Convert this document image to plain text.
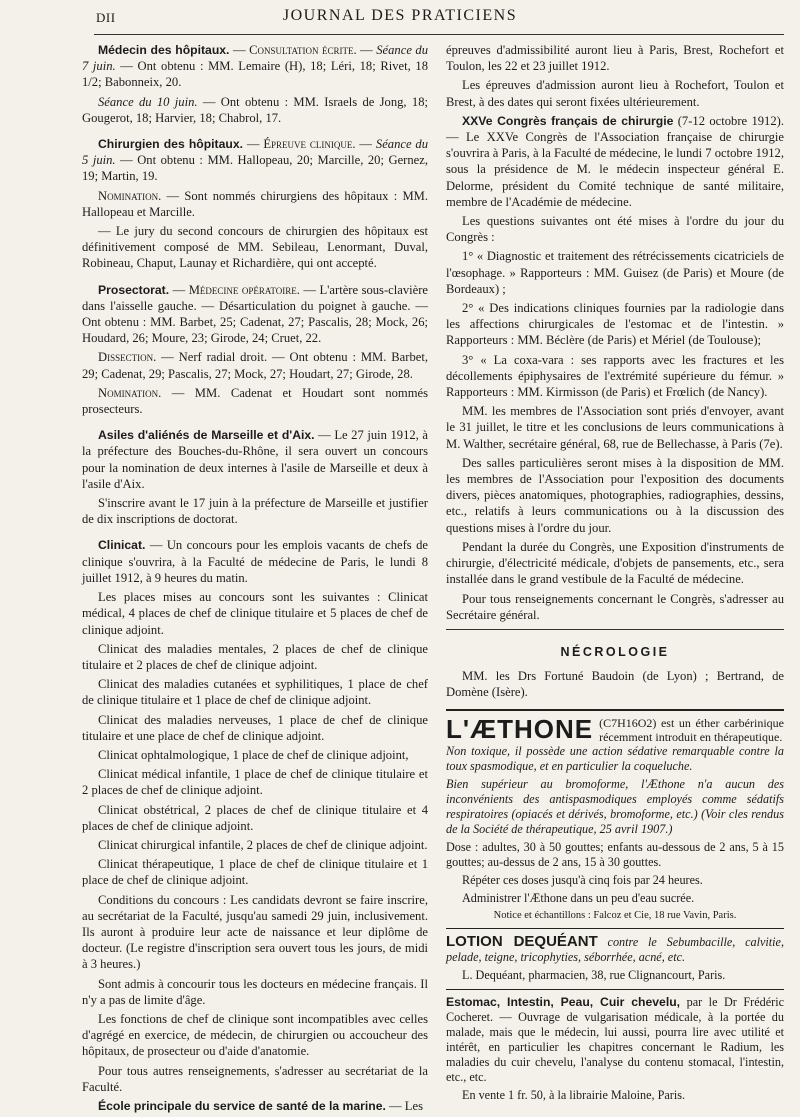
DII	JOURNAL DES PRATICIENS

Médecin des hôpitaux. — Consultation écrite. — Séance du 7 juin. — Ont obtenu : MM. Lemaire (H), 18; Léri, 18; Rivet, 18 1/2; Babonneix, 20.

Séance du 10 juin. — Ont obtenu : MM. Israels de Jong, 18; Gougerot, 18; Harvier, 18; Chabrol, 17.

Chirurgien des hôpitaux. — Épreuve clinique. — Séance du 5 juin. — Ont obtenu : MM. Hallopeau, 20; Marcille, 20; Gernez, 19; Martin, 19.

Nomination. — Sont nommés chirurgiens des hôpitaux : MM. Hallopeau et Marcille.

— Le jury du second concours de chirurgien des hôpitaux est définitivement composé de MM. Sebileau, Lenormant, Duval, Robineau, Chaput, Launay et Richardière, qui ont accepté.

Prosectorat. — Médecine opératoire. — L'artère sous-clavière dans l'aisselle gauche. — Désarticulation du poignet à gauche. — Ont obtenu : MM. Barbet, 25; Cadenat, 27; Pascalis, 28; Mock, 26; Houdard, 26; Moure, 23; Girode, 24; Cruet, 22.

Dissection. — Nerf radial droit. — Ont obtenu : MM. Barbet, 29; Cadenat, 29; Pascalis, 27; Mock, 27; Houdart, 27; Girode, 28.

Nomination. — MM. Cadenat et Houdart sont nommés prosecteurs.

Asiles d'aliénés de Marseille et d'Aix. — Le 27 juin 1912, à la préfecture des Bouches-du-Rhône, il sera ouvert un concours pour la nomination de deux internes à l'asile de Marseille et deux à l'asile d'Aix.

S'inscrire avant le 17 juin à la préfecture de Marseille et justifier de dix inscriptions de doctorat.

Clinicat. — Un concours pour les emplois vacants de chefs de clinique s'ouvrira, à la Faculté de médecine de Paris, le lundi 8 juillet 1912, à 9 heures du matin.

Les places mises au concours sont les suivantes : Clinicat médical, 4 places de chef de clinique titulaire et 5 places de chef de clinique adjoint.

Clinicat des maladies mentales, 2 places de chef de clinique titulaire et 2 places de chef de clinique adjoint.

Clinicat des maladies cutanées et syphilitiques, 1 place de chef de clinique titulaire et 1 place de chef de clinique adjoint.

Clinicat des maladies nerveuses, 1 place de chef de clinique titulaire et une place de chef de clinique adjoint.

Clinicat ophtalmologique, 1 place de chef de clinique adjoint,

Clinicat médical infantile, 1 place de chef de clinique titulaire et 2 places de chef de clinique adjoint.

Clinicat obstétrical, 2 places de chef de clinique titulaire et 4 places de chef de clinique adjoint.

Clinicat chirurgical infantile, 2 places de chef de clinique adjoint.

Clinicat thérapeutique, 1 place de chef de clinique titulaire et 1 place de chef de clinique adjoint.

Conditions du concours : Les candidats devront se faire inscrire, au secrétariat de la Faculté, jusqu'au samedi 29 juin, inclusivement. Ils auront à produire leur acte de naissance et leur diplôme de docteur. (Le registre d'inscription sera ouvert tous les jours, de midi à 3 heures.)

Sont admis à concourir tous les docteurs en médecine français. Il n'y a pas de limite d'âge.

Les fonctions de chef de clinique sont incompatibles avec celles d'agrégé en exercice, de médecin, de chirurgien ou accoucheur des hôpitaux, de prosecteur ou d'aide d'anatomie.

Pour tous autres renseignements, s'adresser au secrétariat de la Faculté.

École principale du service de santé de la marine. — Les

épreuves d'admissibilité auront lieu à Paris, Brest, Rochefort et Toulon, les 22 et 23 juillet 1912.

Les épreuves d'admission auront lieu à Rochefort, Toulon et Brest, à des dates qui seront fixées ultérieurement.

XXVe Congrès français de chirurgie (7-12 octobre 1912). — Le XXVe Congrès de l'Association française de chirurgie s'ouvrira à Paris, à la Faculté de médecine, le lundi 7 octobre 1912, sous la présidence de M. le médecin inspecteur général E. Delorme, président du Comité technique de santé militaire, membre de l'Académie de médecine.

Les questions suivantes ont été mises à l'ordre du jour du Congrès :

1° « Diagnostic et traitement des rétrécissements cicatriciels de l'œsophage. » Rapporteurs : MM. Guisez (de Paris) et Moure (de Bordeaux) ;

2° « Des indications cliniques fournies par la radiologie dans les affections chirurgicales de l'estomac et de l'intestin. » Rapporteurs : MM. Béclère (de Paris) et Mériel (de Toulouse);

3° « La coxa-vara : ses rapports avec les fractures et les décollements épiphysaires de l'extrémité supérieure du fémur. » Rapporteurs : MM. Kirmisson (de Paris) et Frœlich (de Nancy).

MM. les membres de l'Association sont priés d'envoyer, avant le 31 juillet, le titre et les conclusions de leurs communications à M. Walther, secrétaire général, 68, rue de Bellechasse, à Paris (7e).

Des salles particulières seront mises à la disposition de MM. les membres de l'Association pour l'exposition des documents divers, pièces anatomiques, photographies, radiographies, dessins, etc., relatifs à leurs communications ou à la discussion des questions mises à l'ordre du jour.

Pendant la durée du Congrès, une Exposition d'instruments de chirurgie, d'électricité médicale, d'objets de pansements, etc., sera installée dans le grand vestibule de la Faculté de médecine.

Pour tous renseignements concernant le Congrès, s'adresser au Secrétaire général.

NÉCROLOGIE

MM. les Drs Fortuné Baudoin (de Lyon) ; Bertrand, de Domène (Isère).

L'ÆTHONE (C7H16O2) est un éther carbérinique récemment introduit en thérapeutique.

Non toxique, il possède une action sédative remarquable contre la toux spasmodique, et en particulier la coqueluche.

Bien supérieur au bromoforme, l'Æthone n'a aucun des inconvénients des antispasmodiques employés comme sédatifs respiratoires (opiacés et dérivés, bromoforme, etc.) (Voir cles rendus de la Société de thérapeutique, 25 avril 1907.)

Dose : adultes, 30 à 50 gouttes; enfants au-dessous de 2 ans, 5 à 15 gouttes; au-dessus de 2 ans, 15 à 30 gouttes.

Répéter ces doses jusqu'à cinq fois par 24 heures.

Administrer l'Æthone dans un peu d'eau sucrée.

Notice et échantillons : Falcoz et Cie, 18 rue Vavin, Paris.

LOTION DEQUÉANT contre le Sebumbacille, calvitie, pelade, teigne, tricophyties, séborrhée, acné, etc.

L. Dequéant, pharmacien, 38, rue Clignancourt, Paris.

Estomac, Intestin, Peau, Cuir chevelu, par le Dr Frédéric Cocheret. — Ouvrage de vulgarisation médicale, à la portée du malade, mais que le médecin, lui aussi, pourra lire avec utilité et intérêt, en particulier les chapitres concernant le Radium, les maladies du cuir chevelu, l'analyse du contenu stomacal, l'intestin, etc., etc.

En vente 1 fr. 50, à la librairie Maloine, Paris.
